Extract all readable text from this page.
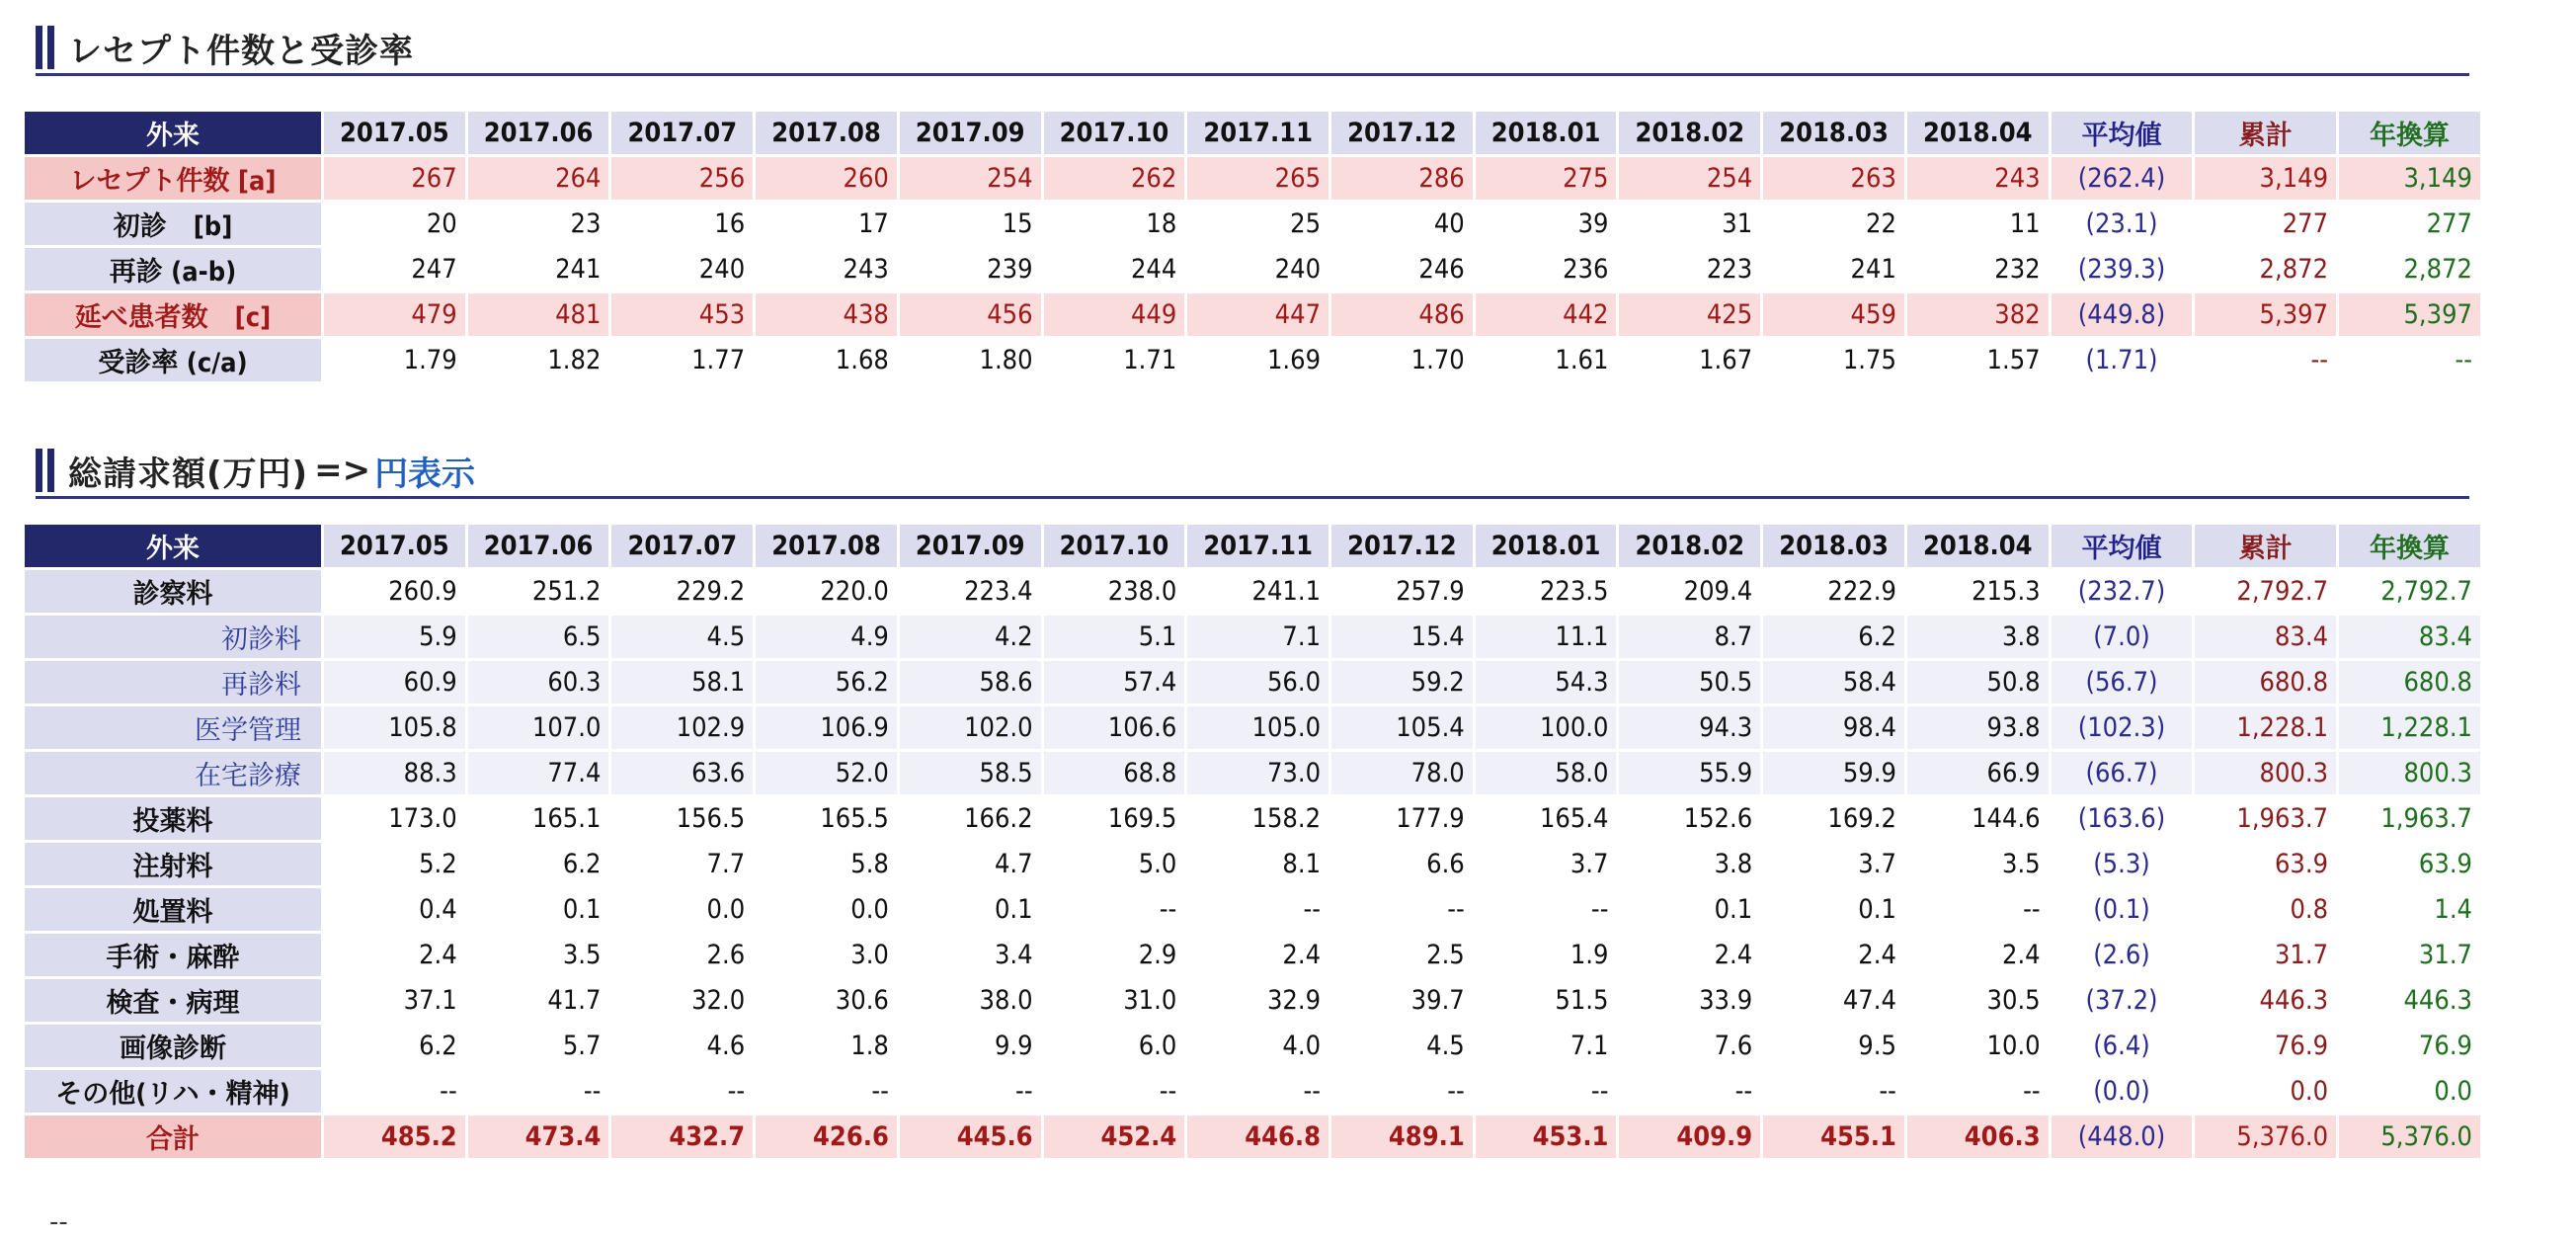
レセプト件数と受診率
外来	2017.05	2017.06	2017.07	2017.08	2017.09	2017.10	2017.11	2017.12	2018.01	2018.02	2018.03	2018.04	平均値	累計	年換算
レセプト件数 [a]	267	264	256	260	254	262	265	286	275	254	263	243	(262.4)	3,149	3,149
初診　[b]	20	23	16	17	15	18	25	40	39	31	22	11	(23.1)	277	277
再診 (a-b)	247	241	240	243	239	244	240	246	236	223	241	232	(239.3)	2,872	2,872
延べ患者数　[c]	479	481	453	438	456	449	447	486	442	425	459	382	(449.8)	5,397	5,397
受診率 (c/a)	1.79	1.82	1.77	1.68	1.80	1.71	1.69	1.70	1.61	1.67	1.75	1.57	(1.71)	--	--
総請求額(万円) => 円表示
外来	2017.05	2017.06	2017.07	2017.08	2017.09	2017.10	2017.11	2017.12	2018.01	2018.02	2018.03	2018.04	平均値	累計	年換算
診察料	260.9	251.2	229.2	220.0	223.4	238.0	241.1	257.9	223.5	209.4	222.9	215.3	(232.7)	2,792.7	2,792.7
初診料	5.9	6.5	4.5	4.9	4.2	5.1	7.1	15.4	11.1	8.7	6.2	3.8	(7.0)	83.4	83.4
再診料	60.9	60.3	58.1	56.2	58.6	57.4	56.0	59.2	54.3	50.5	58.4	50.8	(56.7)	680.8	680.8
医学管理	105.8	107.0	102.9	106.9	102.0	106.6	105.0	105.4	100.0	94.3	98.4	93.8	(102.3)	1,228.1	1,228.1
在宅診療	88.3	77.4	63.6	52.0	58.5	68.8	73.0	78.0	58.0	55.9	59.9	66.9	(66.7)	800.3	800.3
投薬料	173.0	165.1	156.5	165.5	166.2	169.5	158.2	177.9	165.4	152.6	169.2	144.6	(163.6)	1,963.7	1,963.7
注射料	5.2	6.2	7.7	5.8	4.7	5.0	8.1	6.6	3.7	3.8	3.7	3.5	(5.3)	63.9	63.9
処置料	0.4	0.1	0.0	0.0	0.1	--	--	--	--	0.1	0.1	--	(0.1)	0.8	1.4
手術・麻酔	2.4	3.5	2.6	3.0	3.4	2.9	2.4	2.5	1.9	2.4	2.4	2.4	(2.6)	31.7	31.7
検査・病理	37.1	41.7	32.0	30.6	38.0	31.0	32.9	39.7	51.5	33.9	47.4	30.5	(37.2)	446.3	446.3
画像診断	6.2	5.7	4.6	1.8	9.9	6.0	4.0	4.5	7.1	7.6	9.5	10.0	(6.4)	76.9	76.9
その他(リハ・精神)	--	--	--	--	--	--	--	--	--	--	--	--	(0.0)	0.0	0.0
合計	485.2	473.4	432.7	426.6	445.6	452.4	446.8	489.1	453.1	409.9	455.1	406.3	(448.0)	5,376.0	5,376.0
--
